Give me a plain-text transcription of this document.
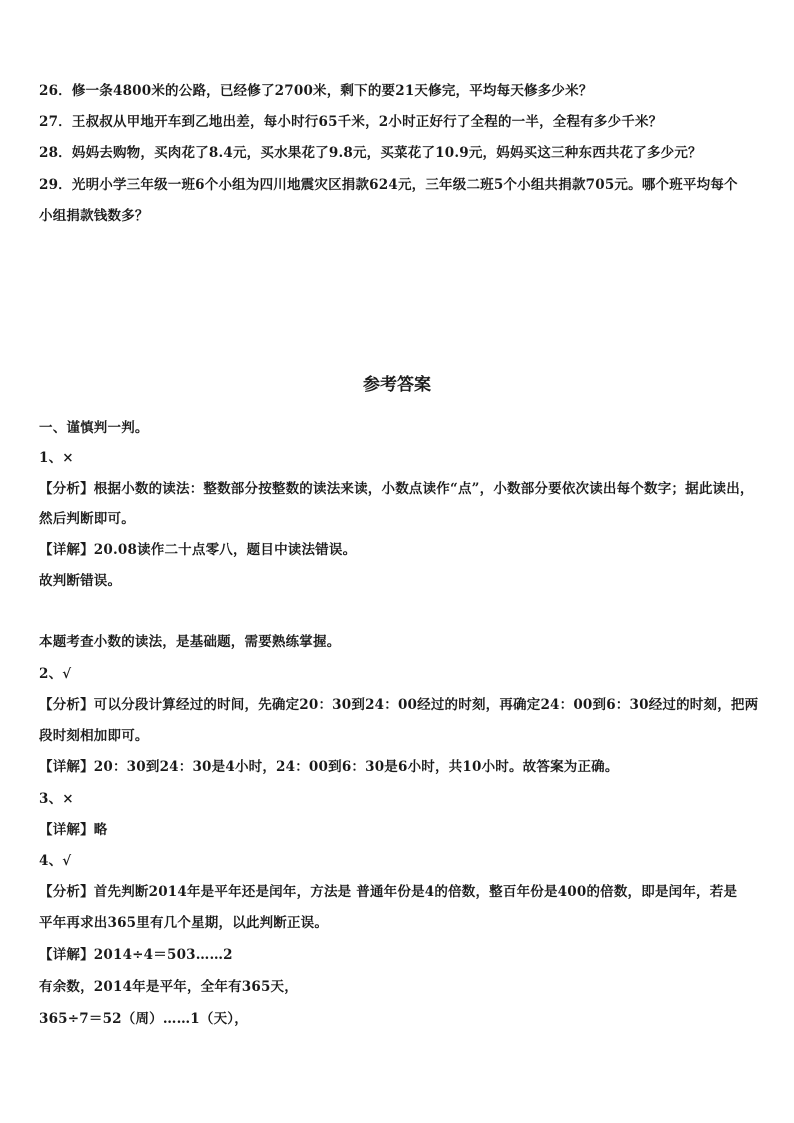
26．修一条4800米的公路，已经修了2700米，剩下的要21天修完，平均每天修多少米？
27．王叔叔从甲地开车到乙地出差，每小时行65千米，2小时正好行了全程的一半，全程有多少千米？
28．妈妈去购物，买肉花了8.4元，买水果花了9.8元，买菜花了10.9元，妈妈买这三种东西共花了多少元？
29．光明小学三年级一班6个小组为四川地震灾区捐款624元，三年级二班5个小组共捐款705元。哪个班平均每个
小组捐款钱数多？
参考答案
一、谨慎判一判。
1、×
【分析】根据小数的读法：整数部分按整数的读法来读，小数点读作“点”，小数部分要依次读出每个数字；据此读出，
然后判断即可。
【详解】20.08读作二十点零八，题目中读法错误。
故判断错误。
本题考查小数的读法，是基础题，需要熟练掌握。
2、√
【分析】可以分段计算经过的时间，先确定20：30到24：00经过的时刻，再确定24：00到6：30经过的时刻，把两
段时刻相加即可。
【详解】20：30到24：30是4小时，24：00到6：30是6小时，共10小时。故答案为正确。
3、×
【详解】略
4、√
【分析】首先判断2014年是平年还是闰年，方法是 普通年份是4的倍数，整百年份是400的倍数，即是闰年，若是
平年再求出365里有几个星期，以此判断正误。
【详解】2014÷4＝503……2
有余数，2014年是平年，全年有365天，
365÷7＝52（周）……1（天），
